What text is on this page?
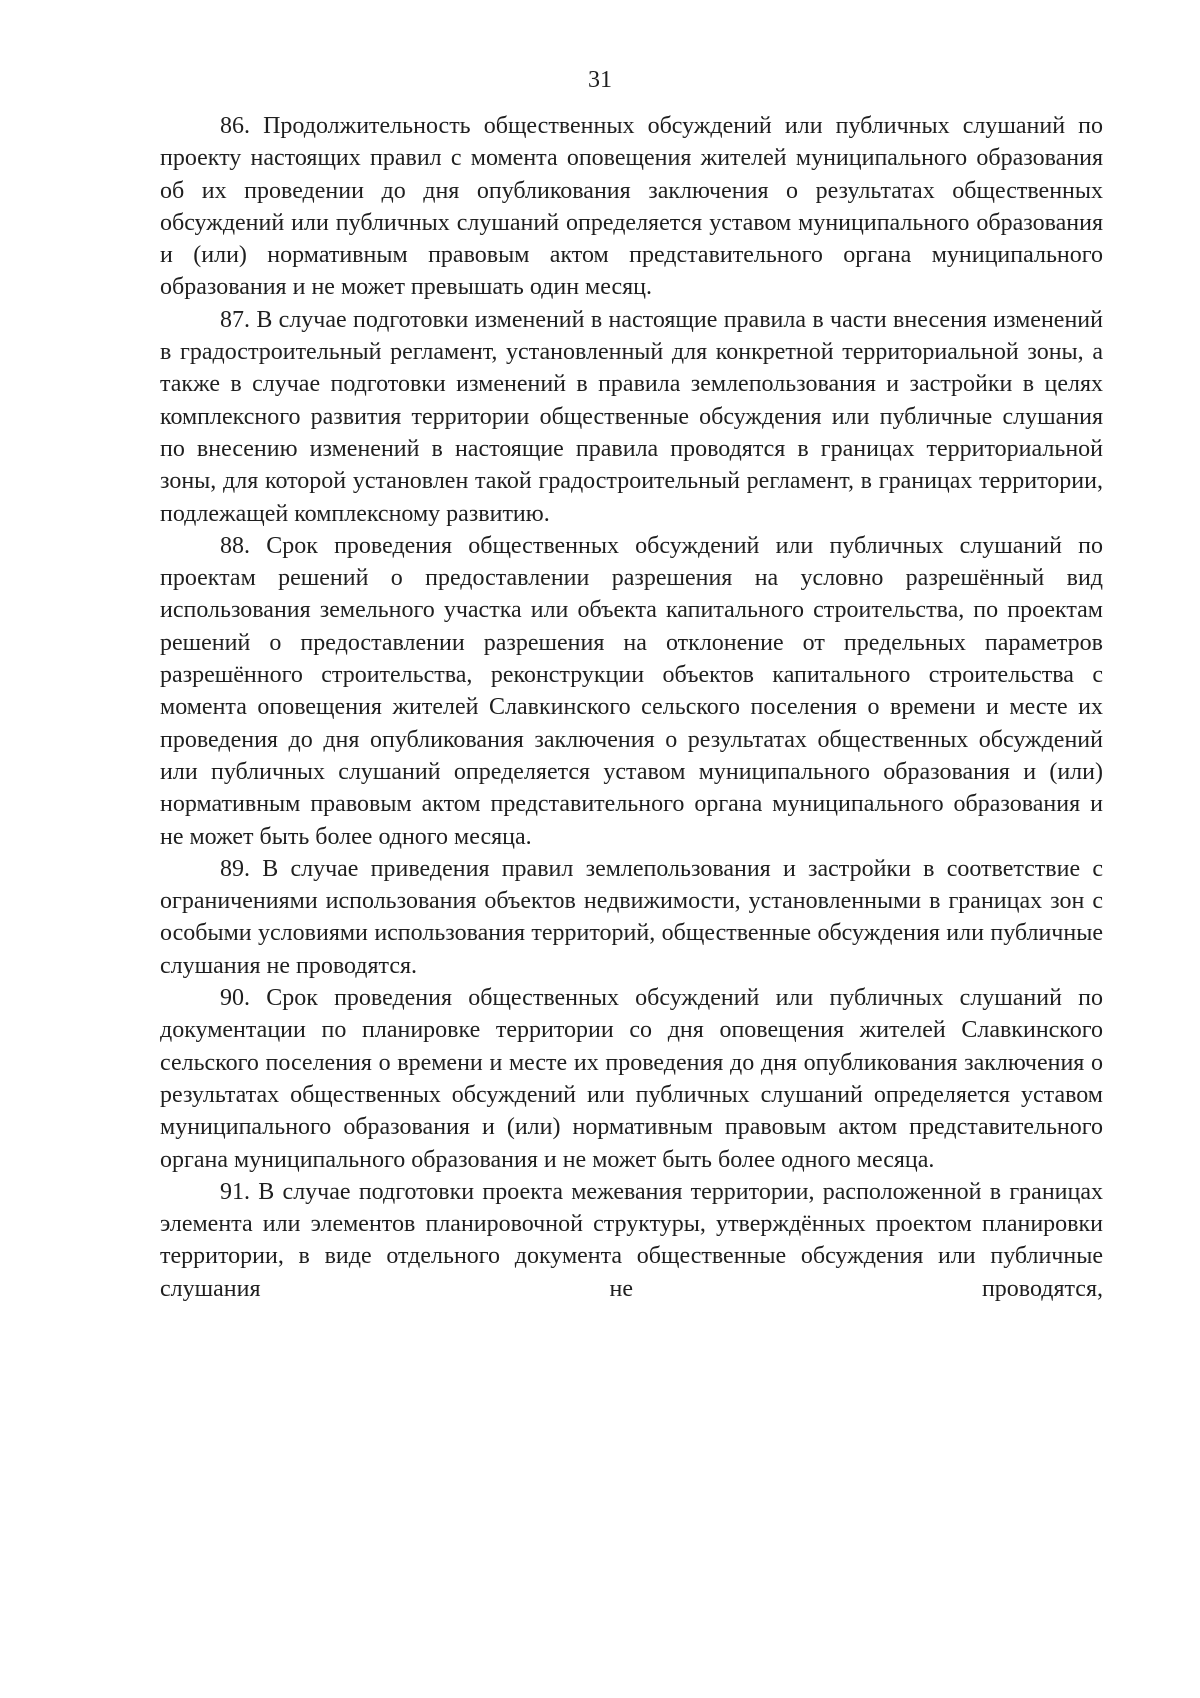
31

86. Продолжительность общественных обсуждений или публичных слушаний по проекту настоящих правил с момента оповещения жителей муниципального образования об их проведении до дня опубликования заключения о результатах общественных обсуждений или публичных слушаний определяется уставом муниципального образования и (или) нормативным правовым актом представительного органа муниципального образования и не может превышать один месяц.

87. В случае подготовки изменений в настоящие правила в части внесения изменений в градостроительный регламент, установленный для конкретной территориальной зоны, а также в случае подготовки изменений в правила землепользования и застройки в целях комплексного развития территории общественные обсуждения или публичные слушания по внесению изменений в настоящие правила проводятся в границах территориальной зоны, для которой установлен такой градостроительный регламент, в границах территории, подлежащей комплексному развитию.

88. Срок проведения общественных обсуждений или публичных слушаний по проектам решений о предоставлении разрешения на условно разрешённый вид использования земельного участка или объекта капитального строительства, по проектам решений о предоставлении разрешения на отклонение от предельных параметров разрешённого строительства, реконструкции объектов капитального строительства с момента оповещения жителей Славкинского сельского поселения о времени и месте их проведения до дня опубликования заключения о результатах общественных обсуждений или публичных слушаний определяется уставом муниципального образования и (или) нормативным правовым актом представительного органа муниципального образования и не может быть более одного месяца.

89. В случае приведения правил землепользования и застройки в соответствие с ограничениями использования объектов недвижимости, установленными в границах зон с особыми условиями использования территорий, общественные обсуждения или публичные слушания не проводятся.

90. Срок проведения общественных обсуждений или публичных слушаний по документации по планировке территории со дня оповещения жителей Славкинского сельского поселения о времени и месте их проведения до дня опубликования заключения о результатах общественных обсуждений или публичных слушаний определяется уставом муниципального образования и (или) нормативным правовым актом представительного органа муниципального образования и не может быть более одного месяца.

91. В случае подготовки проекта межевания территории, расположенной в границах элемента или элементов планировочной структуры, утверждённых проектом планировки территории, в виде отдельного документа общественные обсуждения или публичные слушания не проводятся,
